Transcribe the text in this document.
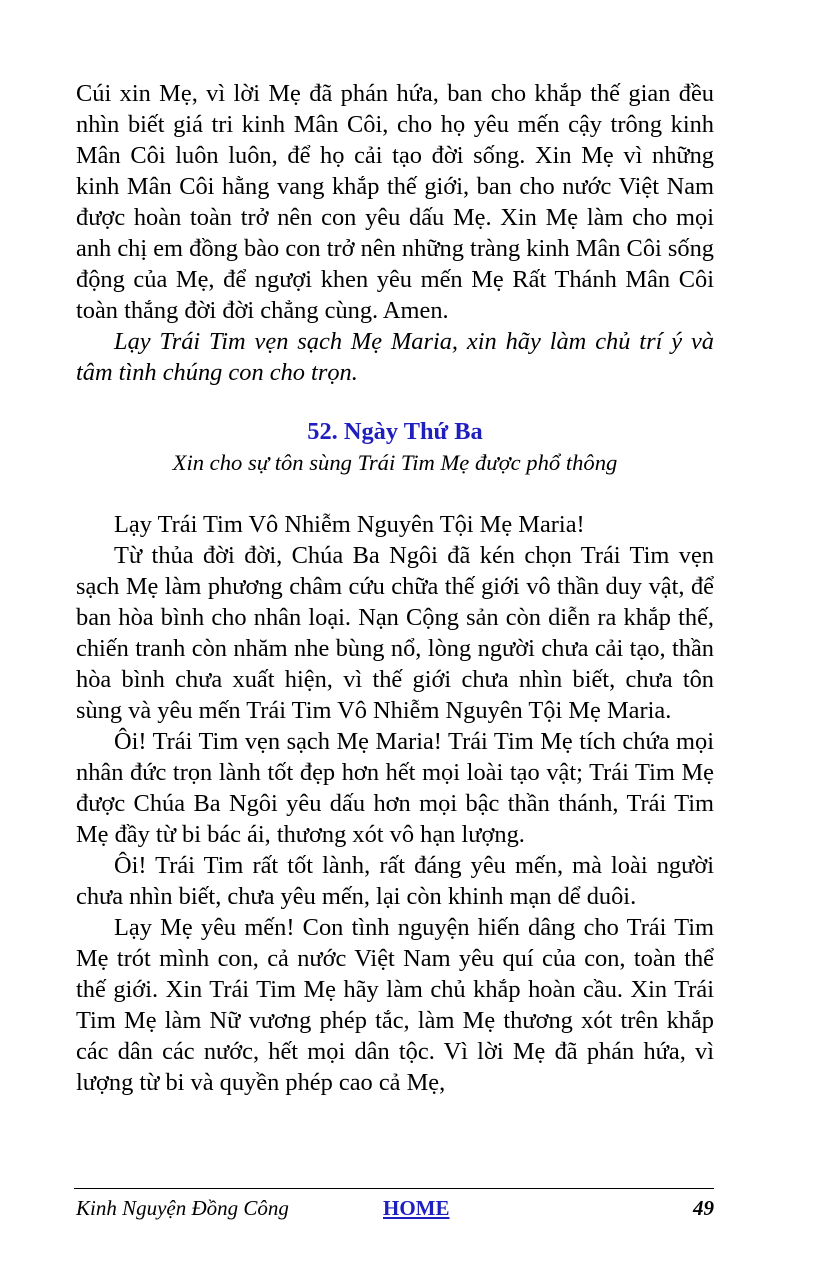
Cúi xin Mẹ, vì lời Mẹ đã phán hứa, ban cho khắp thế gian đều nhìn biết giá tri kinh Mân Côi, cho họ yêu mến cậy trông kinh Mân Côi luôn luôn, để họ cải tạo đời sống. Xin Mẹ vì những kinh Mân Côi hằng vang khắp thế giới, ban cho nước Việt Nam được hoàn toàn trở nên con yêu dấu Mẹ. Xin Mẹ làm cho mọi anh chị em đồng bào con trở nên những tràng kinh Mân Côi sống động của Mẹ, để ngượi khen yêu mến Mẹ Rất Thánh Mân Côi toàn thắng đời đời chẳng cùng. Amen.

Lạy Trái Tim vẹn sạch Mẹ Maria, xin hãy làm chủ trí ý và tâm tình chúng con cho trọn.

52. Ngày Thứ Ba

Xin cho sự tôn sùng Trái Tim Mẹ được phổ thông

Lạy Trái Tim Vô Nhiễm Nguyên Tội Mẹ Maria!

Từ thủa đời đời, Chúa Ba Ngôi đã kén chọn Trái Tim vẹn sạch Mẹ làm phương châm cứu chữa thế giới vô thần duy vật, để ban hòa bình cho nhân loại. Nạn Cộng sản còn diễn ra khắp thế, chiến tranh còn nhăm nhe bùng nổ, lòng người chưa cải tạo, thần hòa bình chưa xuất hiện, vì thế giới chưa nhìn biết, chưa tôn sùng và yêu mến Trái Tim Vô Nhiễm Nguyên Tội Mẹ Maria.

Ôi! Trái Tim vẹn sạch Mẹ Maria! Trái Tim Mẹ tích chứa mọi nhân đức trọn lành tốt đẹp hơn hết mọi loài tạo vật; Trái Tim Mẹ được Chúa Ba Ngôi yêu dấu hơn mọi bậc thần thánh, Trái Tim Mẹ đầy từ bi bác ái, thương xót vô hạn lượng.

Ôi! Trái Tim rất tốt lành, rất đáng yêu mến, mà loài người chưa nhìn biết, chưa yêu mến, lại còn khinh mạn dể duôi.

Lạy Mẹ yêu mến! Con tình nguyện hiến dâng cho Trái Tim Mẹ trót mình con, cả nước Việt Nam yêu quí của con, toàn thể thế giới. Xin Trái Tim Mẹ hãy làm chủ khắp hoàn cầu. Xin Trái Tim Mẹ làm Nữ vương phép tắc, làm Mẹ thương xót trên khắp các dân các nước, hết mọi dân tộc. Vì lời Mẹ đã phán hứa, vì lượng từ bi và quyền phép cao cả Mẹ,

Kinh Nguyện Đồng Công	HOME	49
